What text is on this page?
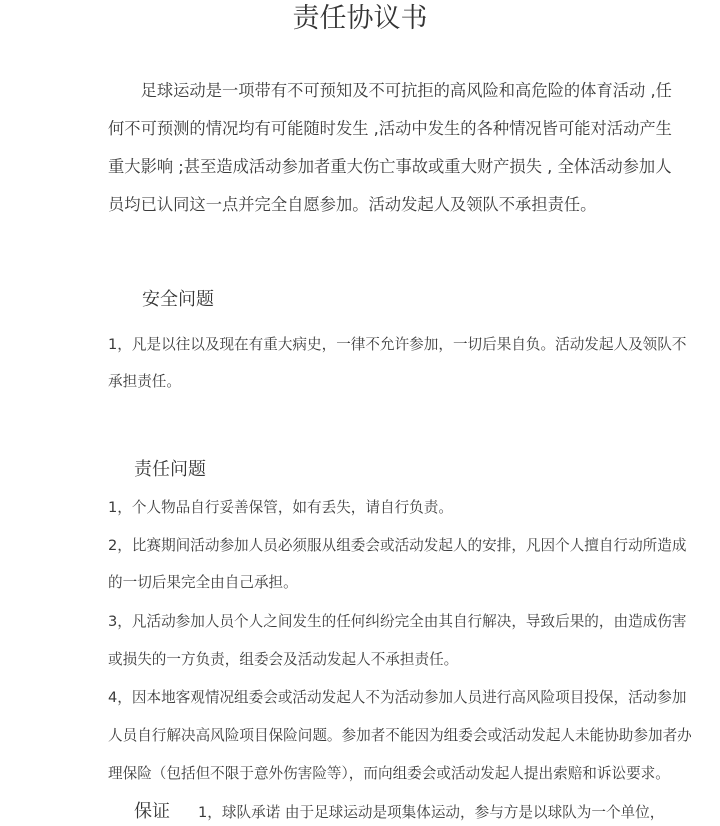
责任协议书
　　足球运动是一项带有不可预知及不可抗拒的高风险和高危险的体育活动 ,任
何不可预测的情况均有可能随时发生 ,活动中发生的各种情况皆可能对活动产生
重大影响 ;甚至造成活动参加者重大伤亡事故或重大财产损失 , 全体活动参加人
员均已认同这一点并完全自愿参加。活动发起人及领队不承担责任。
安全问题
1，凡是以往以及现在有重大病史，一律不允许参加，一切后果自负。活动发起人及领队不
承担责任。
责任问题
1，个人物品自行妥善保管，如有丢失，请自行负责。
2，比赛期间活动参加人员必须服从组委会或活动发起人的安排，凡因个人擅自行动所造成
的一切后果完全由自己承担。
3，凡活动参加人员个人之间发生的任何纠纷完全由其自行解决，导致后果的，由造成伤害
或损失的一方负责，组委会及活动发起人不承担责任。
4，因本地客观情况组委会或活动发起人不为活动参加人员进行高风险项目投保，活动参加
人员自行解决高风险项目保险问题。参加者不能因为组委会或活动发起人未能协助参加者办
理保险（包括但不限于意外伤害险等），而向组委会或活动发起人提出索赔和诉讼要求。
保证 1，球队承诺 由于足球运动是项集体运动，参与方是以球队为一个单位，
